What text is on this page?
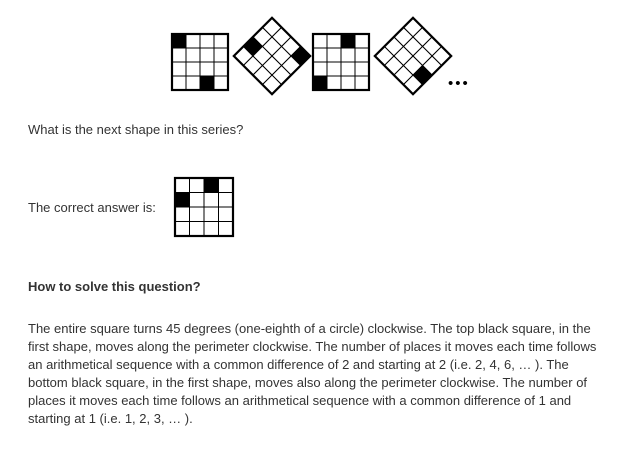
•••
What is the next shape in this series?
The correct answer is:
How to solve this question?
The entire square turns 45 degrees (one-eighth of a circle) clockwise. The top black square, in the first shape, moves along the perimeter clockwise. The number of places it moves each time follows an arithmetical sequence with a common difference of 2 and starting at 2 (i.e. 2, 4, 6, … ). The bottom black square, in the first shape, moves also along the perimeter clockwise. The number of places it moves each time follows an arithmetical sequence with a common difference of 1 and starting at 1 (i.e. 1, 2, 3, … ).
